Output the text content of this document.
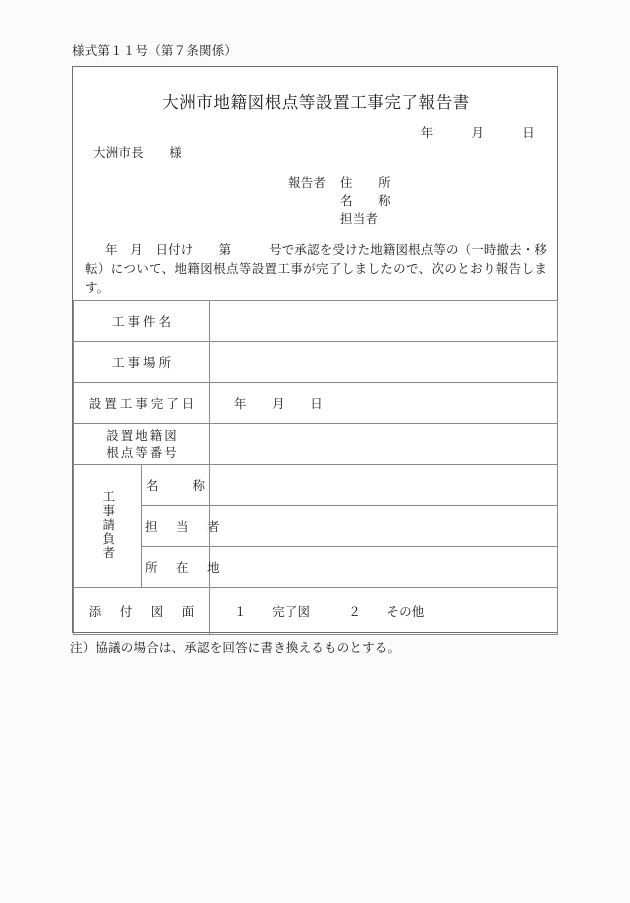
様式第１１号（第７条関係）
大洲市地籍図根点等設置工事完了報告書
年　　　月　　　日
大洲市長　　様
報告者 住　　所
名　　称
担当者
年　月　日付け　　第　　　号で承認を受けた地籍図根点等の（一時撤去・移転）について、地籍図根点等設置工事が完了しましたので、次のとおり報告します。
工事件名		
工事場所		
設置工事完了日		年　　月　　日

設置地籍図
根点等番号		

工事請負者	名　　称	
	担　当　者	
	所　在　地	
添　付　図　面		１　　完了図　　　２　　その他
注）協議の場合は、承認を回答に書き換えるものとする。
